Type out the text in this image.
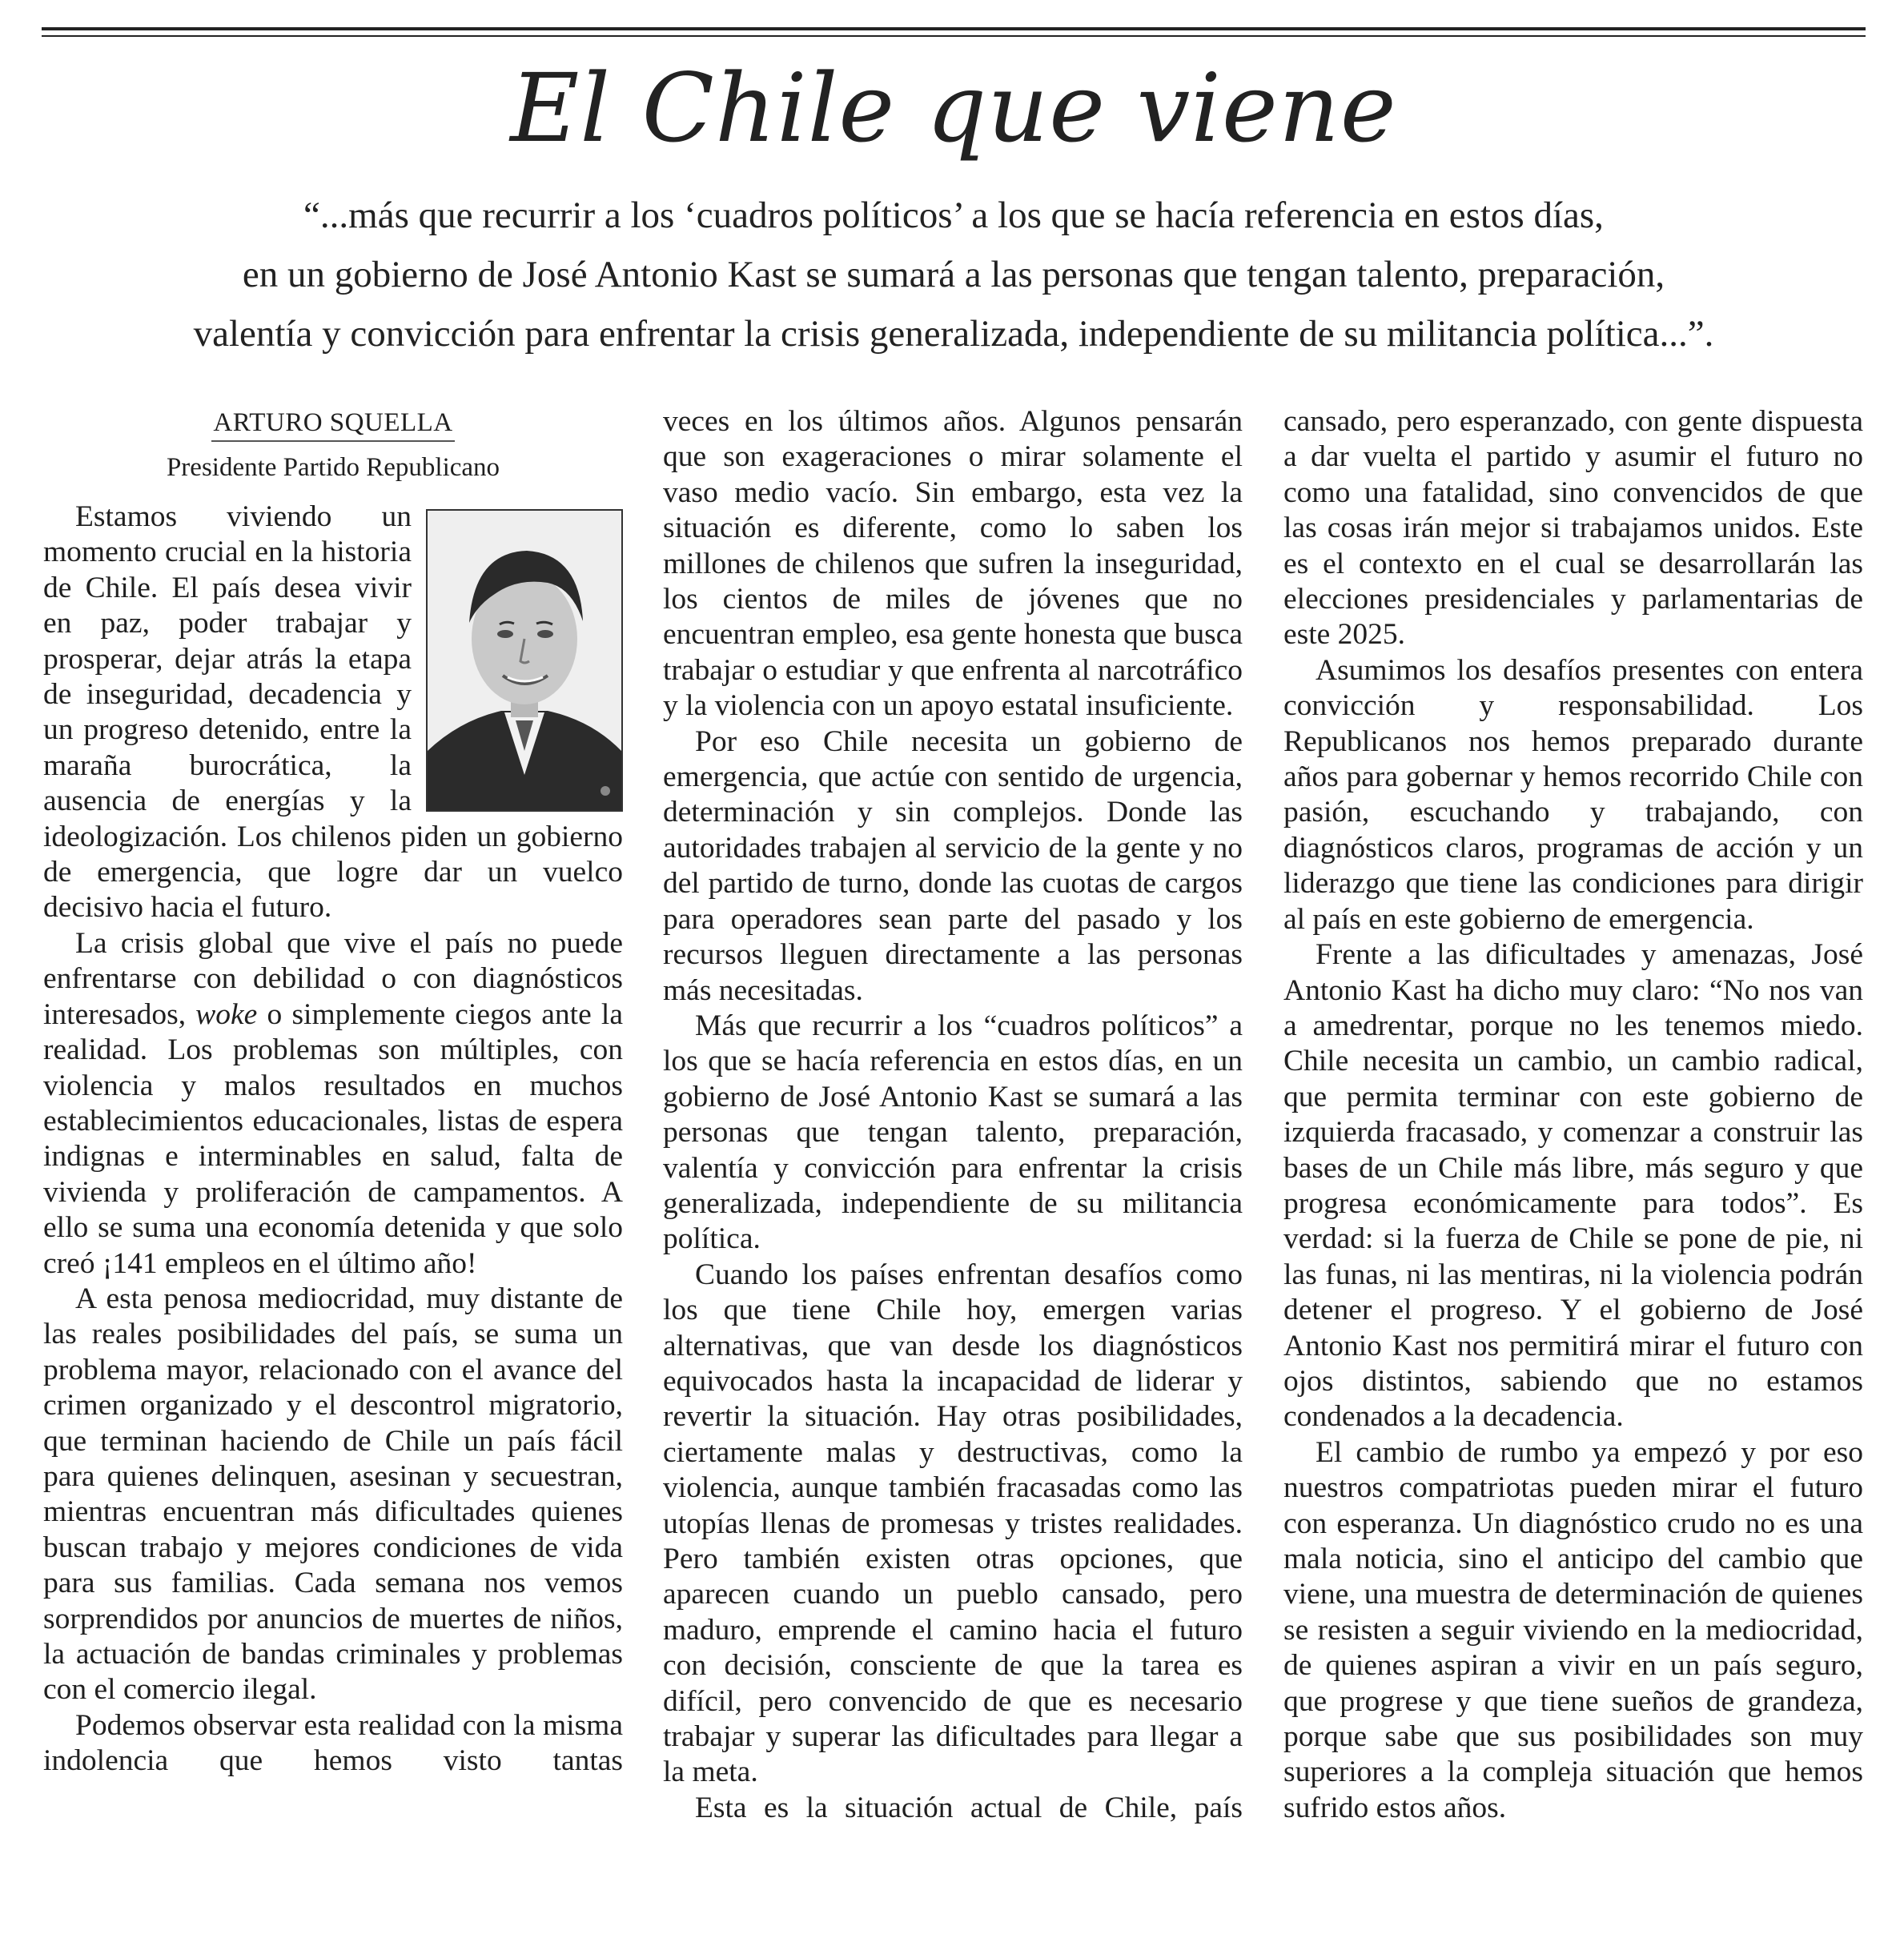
El Chile que viene
“...más que recurrir a los ‘cuadros políticos’ a los que se hacía referencia en estos días,
en un gobierno de José Antonio Kast se sumará a las personas que tengan talento, preparación,
valentía y convicción para enfrentar la crisis generalizada, independiente de su militancia política...”.
ARTURO SQUELLA
Presidente Partido Republicano

Estamos viviendo un momento crucial en la historia de Chile. El país desea vivir en paz, poder trabajar y prosperar, dejar atrás la etapa de inseguridad, decadencia y un progreso detenido, entre la maraña burocrática, la ausencia de energías y la ideologización. Los chilenos piden un gobierno de emergencia, que logre dar un vuelco decisivo hacia el futuro.

La crisis global que vive el país no puede enfrentarse con debilidad o con diagnósticos interesados, woke o simplemente ciegos ante la realidad. Los problemas son múltiples, con violencia y malos resultados en muchos establecimientos educacionales, listas de espera indignas e interminables en salud, falta de vivienda y proliferación de campamentos. A ello se suma una economía detenida y que solo creó ¡141 empleos en el último año!

A esta penosa mediocridad, muy distante de las reales posibilidades del país, se suma un problema mayor, relacionado con el avance del crimen organizado y el descontrol migratorio, que terminan haciendo de Chile un país fácil para quienes delinquen, asesinan y secuestran, mientras encuentran más dificultades quienes buscan trabajo y mejores condiciones de vida para sus familias. Cada semana nos vemos sorprendidos por anuncios de muertes de niños, la actuación de bandas criminales y problemas con el comercio ilegal.

Podemos observar esta realidad con la misma indolencia que hemos visto tantas

veces en los últimos años. Algunos pensarán que son exageraciones o mirar solamente el vaso medio vacío. Sin embargo, esta vez la situación es diferente, como lo saben los millones de chilenos que sufren la inseguridad, los cientos de miles de jóvenes que no encuentran empleo, esa gente honesta que busca trabajar o estudiar y que enfrenta al narcotráfico y la violencia con un apoyo estatal insuficiente.

Por eso Chile necesita un gobierno de emergencia, que actúe con sentido de urgencia, determinación y sin complejos. Donde las autoridades trabajen al servicio de la gente y no del partido de turno, donde las cuotas de cargos para operadores sean parte del pasado y los recursos lleguen directamente a las personas más necesitadas.

Más que recurrir a los “cuadros políticos” a los que se hacía referencia en estos días, en un gobierno de José Antonio Kast se sumará a las personas que tengan talento, preparación, valentía y convicción para enfrentar la crisis generalizada, independiente de su militancia política.

Cuando los países enfrentan desafíos como los que tiene Chile hoy, emergen varias alternativas, que van desde los diagnósticos equivocados hasta la incapacidad de liderar y revertir la situación. Hay otras posibilidades, ciertamente malas y destructivas, como la violencia, aunque también fracasadas como las utopías llenas de promesas y tristes realidades. Pero también existen otras opciones, que aparecen cuando un pueblo cansado, pero maduro, emprende el camino hacia el futuro con decisión, consciente de que la tarea es difícil, pero convencido de que es necesario trabajar y superar las dificultades para llegar a la meta.

Esta es la situación actual de Chile, país

cansado, pero esperanzado, con gente dispuesta a dar vuelta el partido y asumir el futuro no como una fatalidad, sino convencidos de que las cosas irán mejor si trabajamos unidos. Este es el contexto en el cual se desarrollarán las elecciones presidenciales y parlamentarias de este 2025.

Asumimos los desafíos presentes con entera convicción y responsabilidad. Los Republicanos nos hemos preparado durante años para gobernar y hemos recorrido Chile con pasión, escuchando y trabajando, con diagnósticos claros, programas de acción y un liderazgo que tiene las condiciones para dirigir al país en este gobierno de emergencia.

Frente a las dificultades y amenazas, José Antonio Kast ha dicho muy claro: “No nos van a amedrentar, porque no les tenemos miedo. Chile necesita un cambio, un cambio radical, que permita terminar con este gobierno de izquierda fracasado, y comenzar a construir las bases de un Chile más libre, más seguro y que progresa económicamente para todos”. Es verdad: si la fuerza de Chile se pone de pie, ni las funas, ni las mentiras, ni la violencia podrán detener el progreso. Y el gobierno de José Antonio Kast nos permitirá mirar el futuro con ojos distintos, sabiendo que no estamos condenados a la decadencia.

El cambio de rumbo ya empezó y por eso nuestros compatriotas pueden mirar el futuro con esperanza. Un diagnóstico crudo no es una mala noticia, sino el anticipo del cambio que viene, una muestra de determinación de quienes se resisten a seguir viviendo en la mediocridad, de quienes aspiran a vivir en un país seguro, que progrese y que tiene sueños de grandeza, porque sabe que sus posibilidades son muy superiores a la compleja situación que hemos sufrido estos años.
